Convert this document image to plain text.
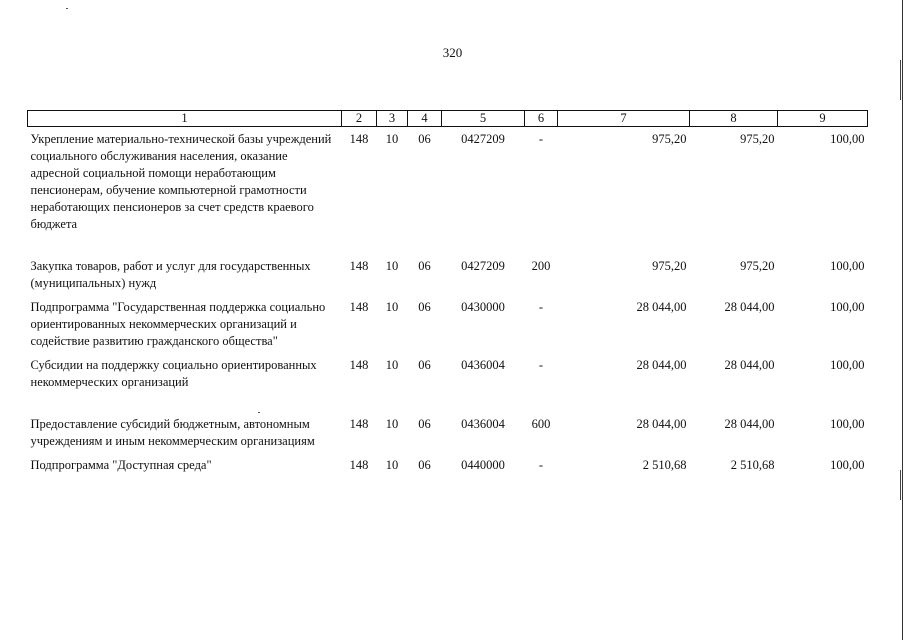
320
1	2	3	4	5	6	7	8	9
Укрепление материально-технической базы учреждений социального обслуживания населения, оказание адресной социальной помощи неработающим пенсионерам, обучение компьютерной грамотности неработающих пенсионеров за счет средств краевого бюджета	148	10	06	0427209	-	975,20	975,20	100,00
Закупка товаров, работ и услуг для государственных (муниципальных) нужд	148	10	06	0427209	200	975,20	975,20	100,00
Подпрограмма "Государственная поддержка социально ориентированных некоммерческих организаций и содействие развитию гражданского общества"	148	10	06	0430000	-	28 044,00	28 044,00	100,00
Субсидии на поддержку социально ориентированных некоммерческих организаций	148	10	06	0436004	-	28 044,00	28 044,00	100,00
Предоставление субсидий бюджетным, автономным учреждениям и иным некоммерческим организациям	148	10	06	0436004	600	28 044,00	28 044,00	100,00
Подпрограмма "Доступная среда"	148	10	06	0440000	-	2 510,68	2 510,68	100,00
